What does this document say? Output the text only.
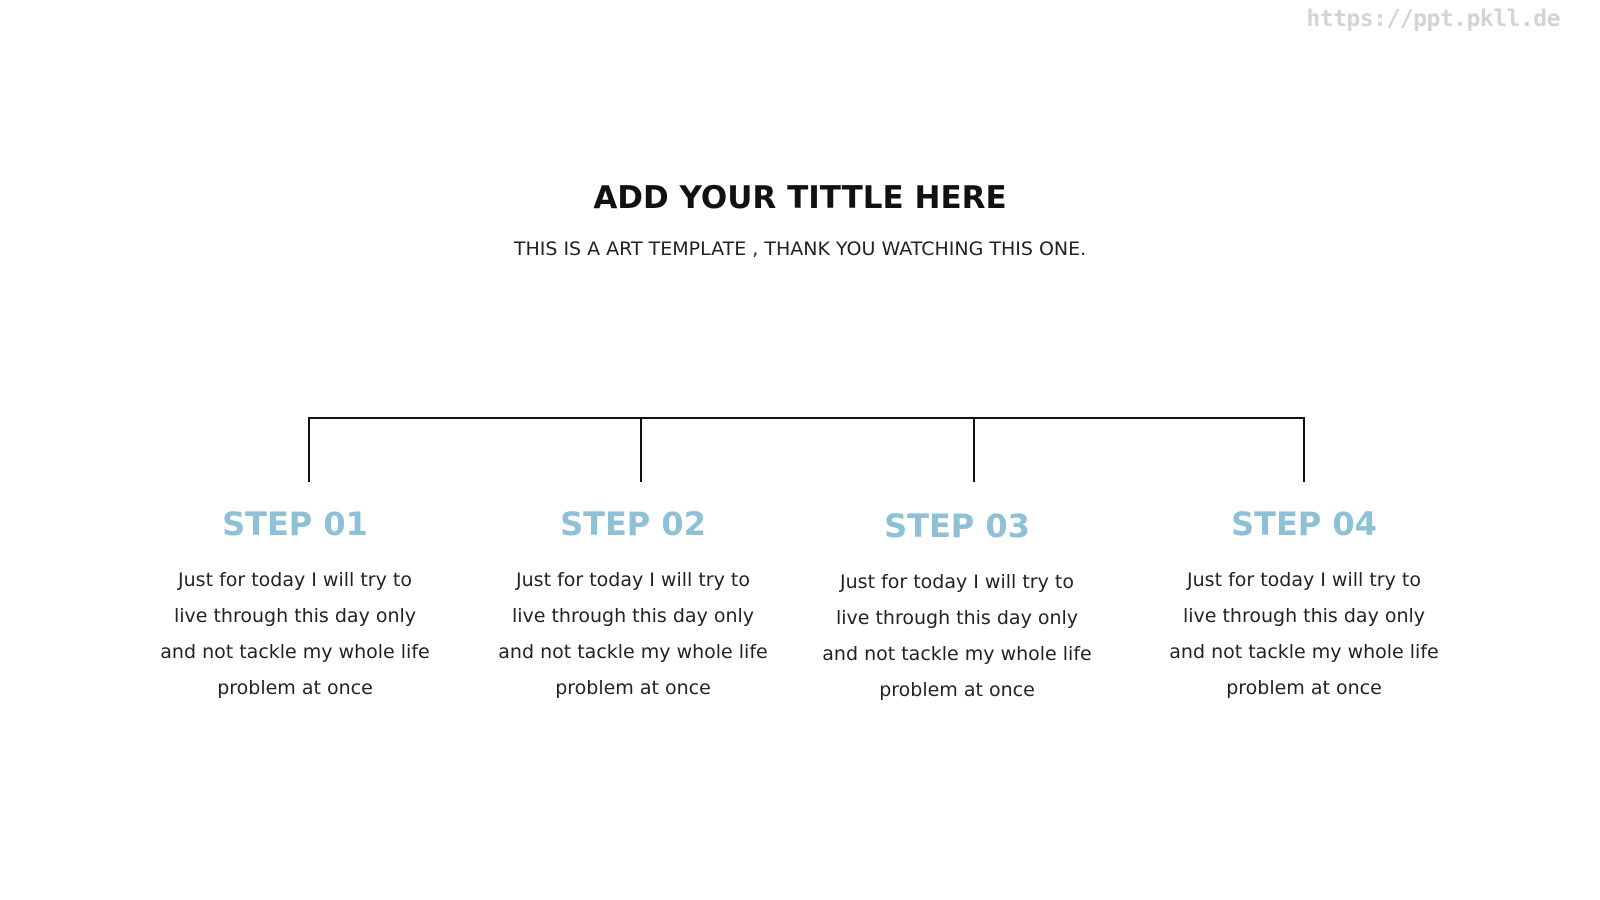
https://ppt.pkll.de
ADD YOUR TITTLE HERE

THIS IS A ART TEMPLATE , THANK YOU WATCHING THIS ONE.

STEP 01

Just for today I will try to
live through this day only
and not tackle my whole life
problem at once

STEP 02

Just for today I will try to
live through this day only
and not tackle my whole life
problem at once

STEP 03

Just for today I will try to
live through this day only
and not tackle my whole life
problem at once

STEP 04

Just for today I will try to
live through this day only
and not tackle my whole life
problem at once
